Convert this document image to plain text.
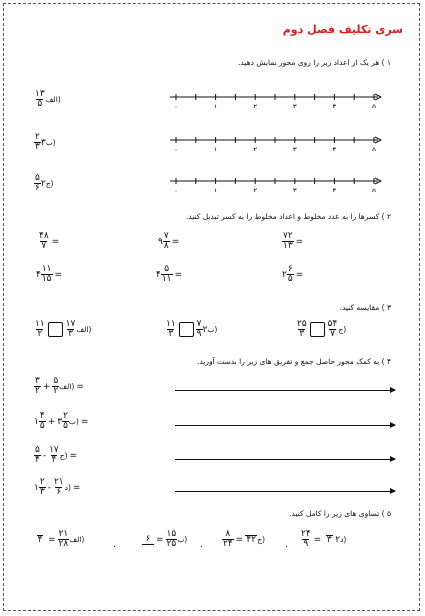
سری تکلیف فصل دوم
۱ ) هر یک از اعداد زیر را روی محور نمایش دهید.
$\frac{۱۳}{۵}$ الف)
$\frac{۲}{۳}$ ۳ ب)
$\frac{۵}{۶}$ ۲ ج)
۰	۱	۲	۳	۴	۵
۰	۱	۲	۳	۴	۵
۰	۱	۲	۳	۴	۵
۲ ) کسرها را به عدد مخلوط و اعداد مخلوط را به کسر تبدیل کنید.
$\frac{۴۸}{۷}$ =	۹ $\frac{۷}{۸}$ =	$\frac{۷۲}{۱۳}$ =
۴ $\frac{۱۱}{۱۵}$ =	۴ $\frac{۵}{۱۱}$ =	۲ $\frac{۶}{۵}$ =
۳ ) مقایسه کنید.
$\frac{۱۱}{۲} \frac{۱۷}{۳}$ الف)	$\frac{۱۱}{۳} \frac{۷}{۹}$ ۲ ب)	$\frac{۲۵}{۳} \frac{۵۴}{۷}$ ج)
۴ ) به کمک محور حاصل جمع و تفریق های زیر را بدست آورید.
$\frac{۳}{۲} + \frac{۵}{۲}$ الف) =
۱ $\frac{۴}{۵}$ + ۳ $\frac{۲}{۵}$ ب) =
$\frac{۵}{۴} - \frac{۱۷}{۴}$ ج) =
۱ $\frac{۲}{۳} - \frac{۲۱}{۶}$ د) =
۵ ) تساوی های زیر را کامل کنید.
۴ = $\frac{۲۱}{۲۸}$ الف)
.
۶ = $\frac{۱۵}{۲۵}$ ب)
. $\frac{۸}{۲۴}$ = ۴۲ ج)
. $\frac{۲۴}{۹}$ = ۳ ۲ د)
